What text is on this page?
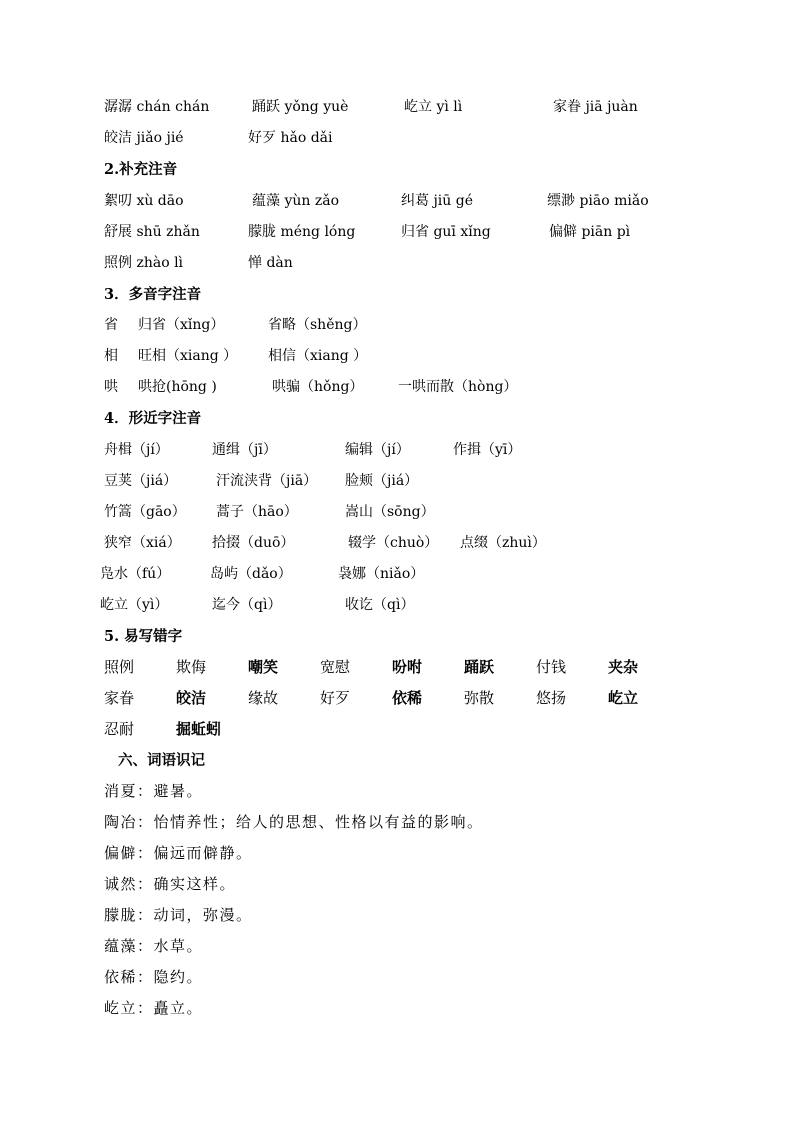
潺潺 chán chán	踊跃 yǒng yuè	屹立 yì lì	家眷 jiā juàn
皎洁 jiǎo jié	好歹 hǎo dǎi
2.补充注音
絮叨 xù dāo	蕴藻 yùn zǎo	纠葛 jiū gé	缥渺 piāo miǎo
舒展 shū zhǎn	朦胧 méng lóng	归省 guī xǐng	偏僻 piān pì
照例 zhào lì	惮 dàn
3．多音字注音
省 归省（xǐng）	省略（shěng）
相 旺相（xiang ） 相信（xiang ）
哄 哄抢(hōng )	哄骗（hǒng） 一哄而散（hòng）
4．形近字注音
舟楫（jí）	通缉（jī）	编辑（jí）	作揖（yī）
豆荚（jiá）	汗流浃背（jiā） 脸颊（jiá）
竹篙（gāo） 蒿子（hāo）	嵩山（sōng）
狭窄（xiá） 拾掇（duō）	辍学（chuò） 点缀（zhuì）
凫水（fú）	岛屿（dǎo）	袅娜（niǎo）
屹立（yì）	迄今（qì）	收讫（qì）
5. 易写错字
照例	欺侮	嘲笑	宽慰	吩咐	踊跃	付钱	夹杂
家眷	皎洁	缘故	好歹	依稀	弥散	悠扬	屹立
忍耐	掘蚯蚓
六、词语识记
消夏：避暑。
陶冶：怡情养性；给人的思想、性格以有益的影响。
偏僻：偏远而僻静。
诚然：确实这样。
朦胧：动词，弥漫。
蕴藻：水草。
依稀：隐约。
屹立：矗立。
